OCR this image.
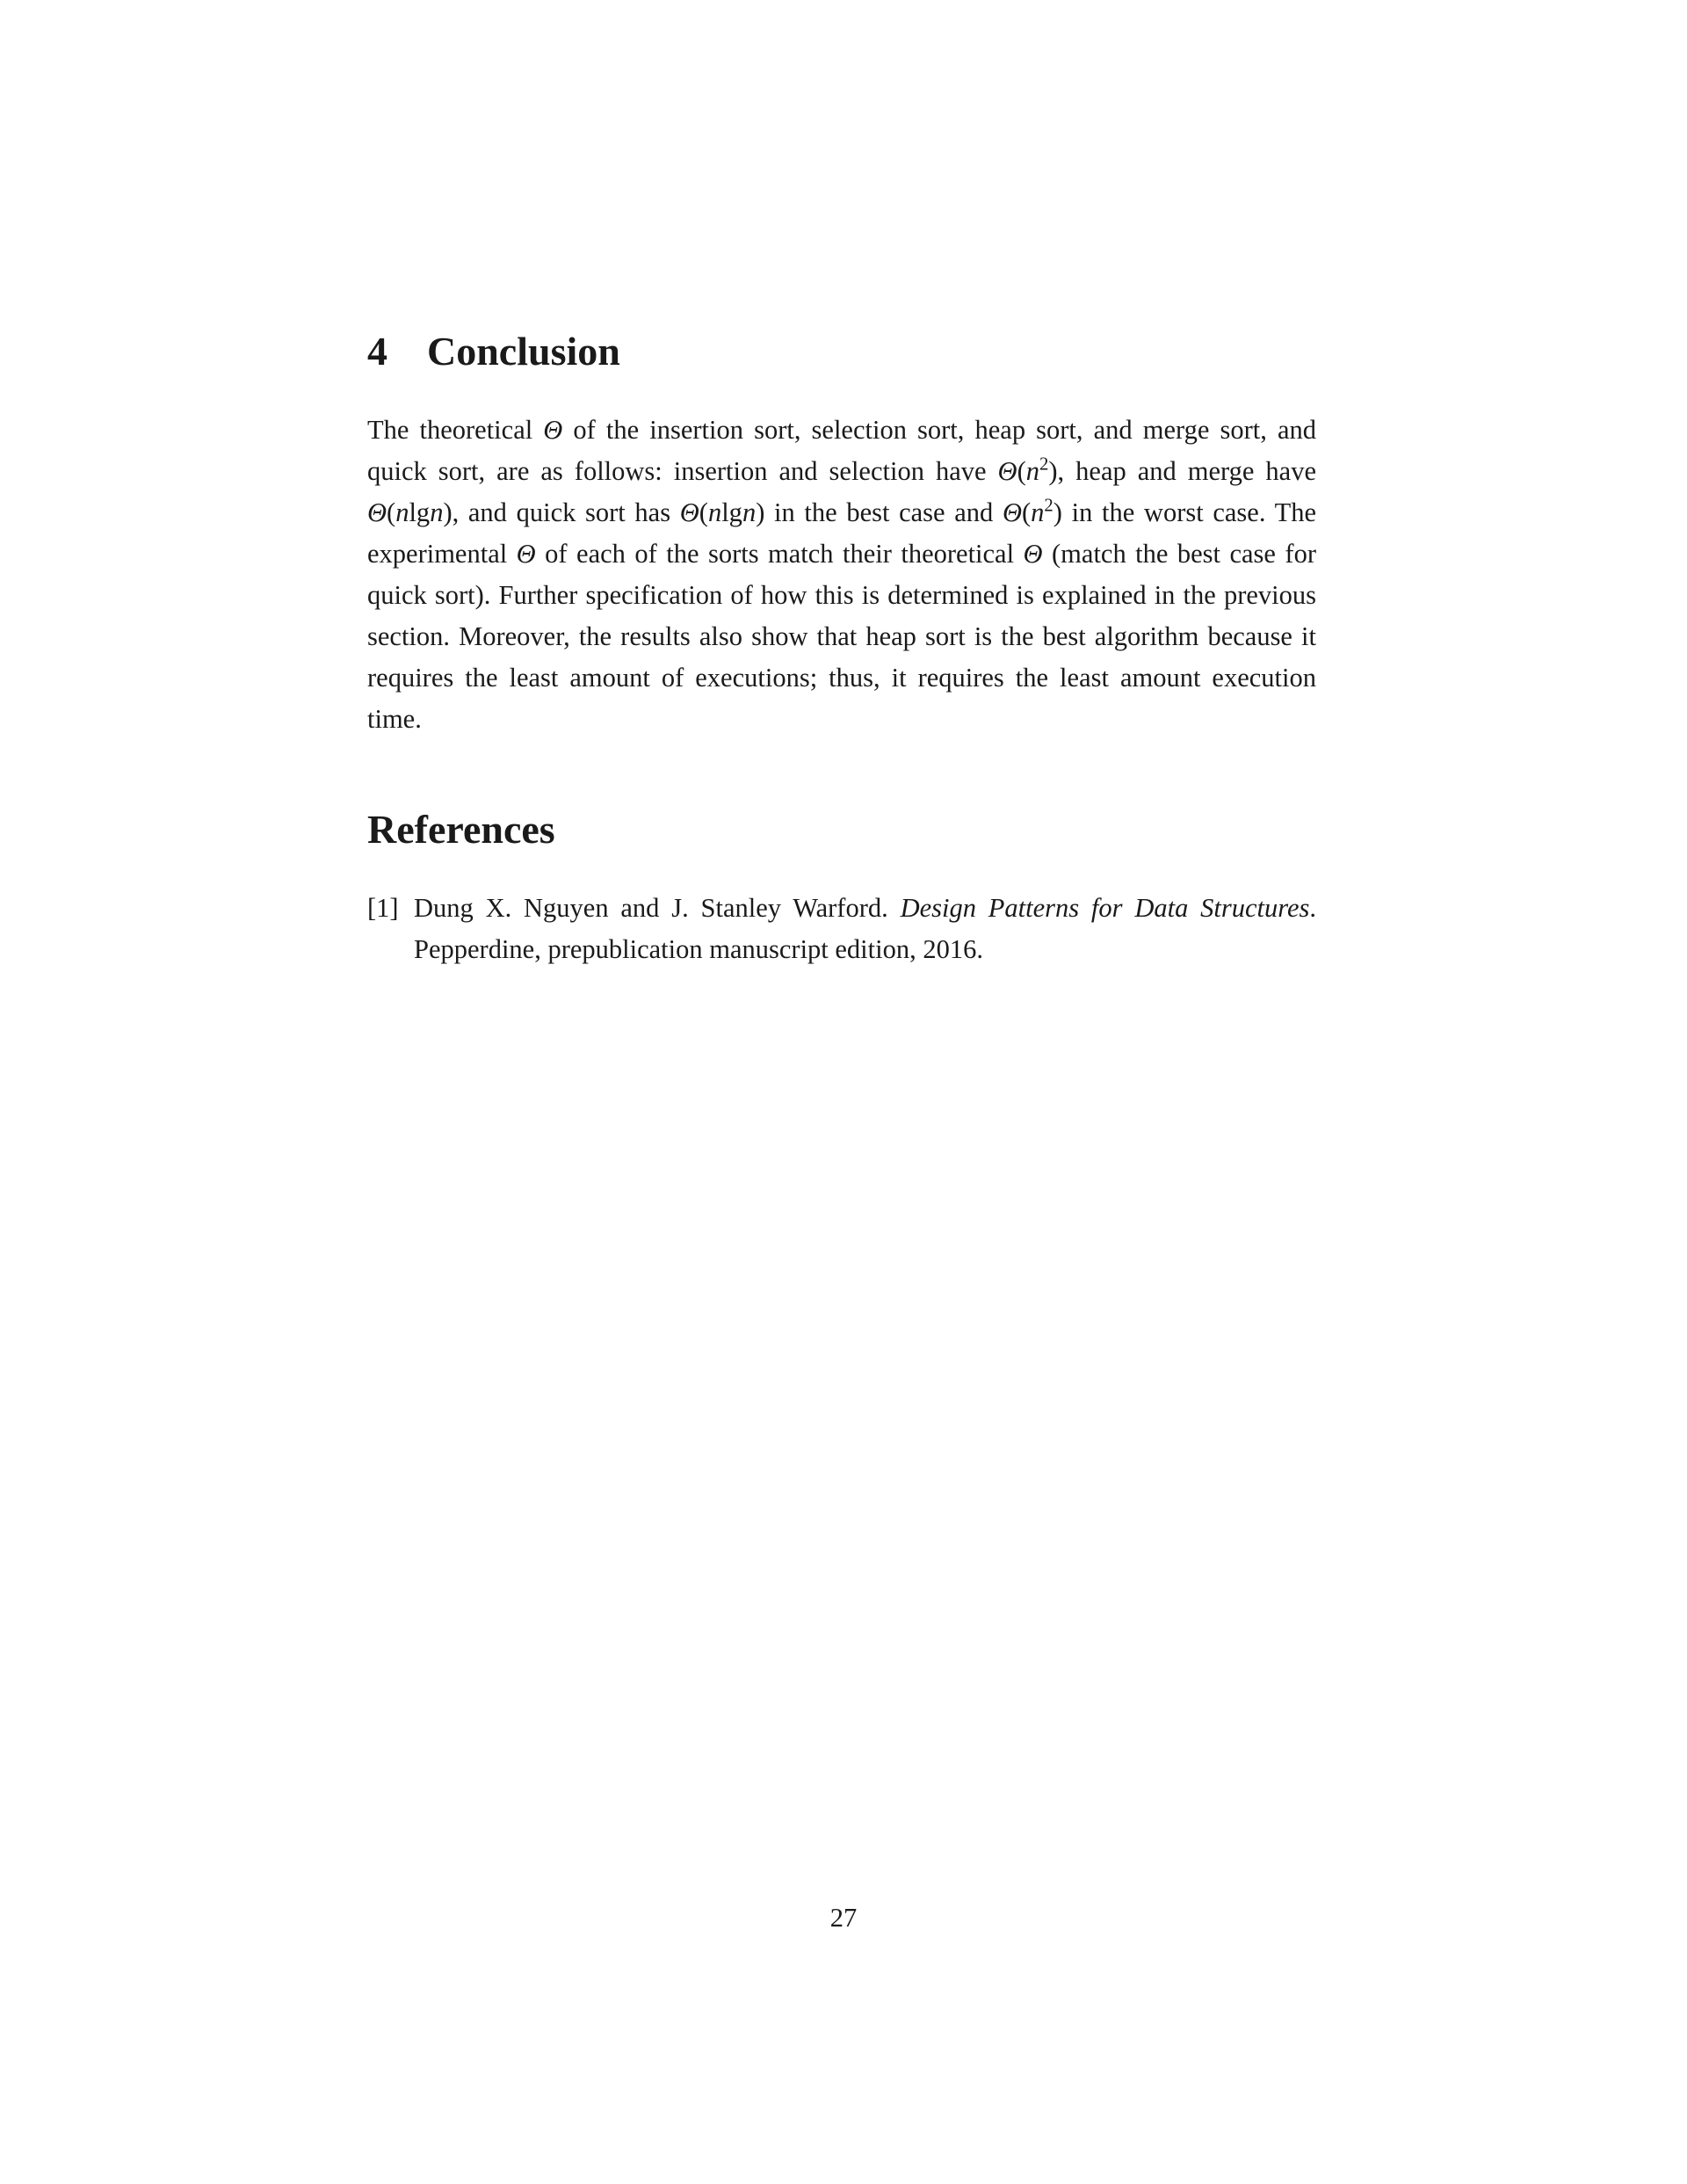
4 Conclusion

The theoretical Θ of the insertion sort, selection sort, heap sort, and merge sort, and quick sort, are as follows: insertion and selection have $\Theta(n^2)$, heap and merge have Θ(nlgn), and quick sort has Θ(nlgn) in the best case and $\Theta(n^2)$ in the worst case. The experimental Θ of each of the sorts match their theoretical Θ (match the best case for quick sort). Further specification of how this is determined is explained in the previous section. Moreover, the results also show that heap sort is the best algorithm because it requires the least amount of executions; thus, it requires the least amount execution time.

References
[1] Dung X. Nguyen and J. Stanley Warford. Design Patterns for Data Structures. Pepperdine, prepublication manuscript edition, 2016.
27
